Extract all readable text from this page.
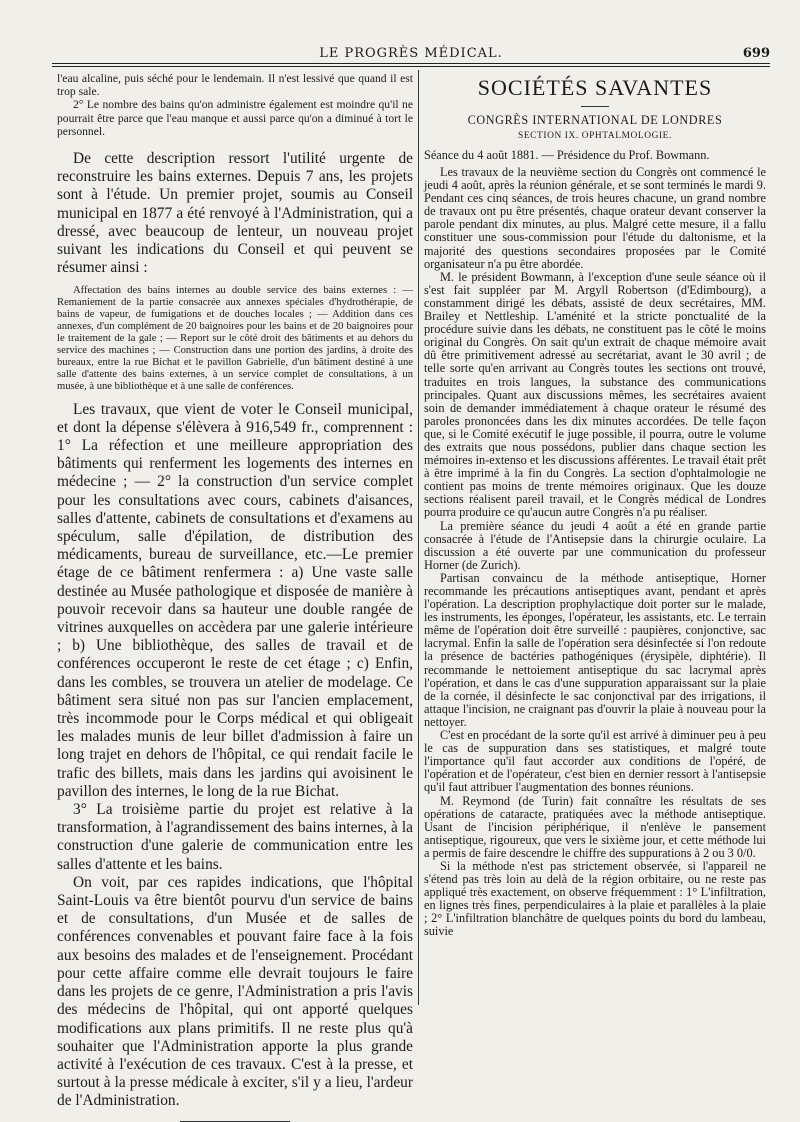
LE PROGRÈS MÉDICAL.	699

l'eau alcaline, puis séché pour le lendemain. Il n'est lessivé que quand il est trop sale.

2° Le nombre des bains qu'on administre également est moindre qu'il ne pourrait être parce que l'eau manque et aussi parce qu'on a diminué à tort le personnel.

De cette description ressort l'utilité urgente de reconstruire les bains externes. Depuis 7 ans, les projets sont à l'étude. Un premier projet, soumis au Conseil municipal en 1877 a été renvoyé à l'Administration, qui a dressé, avec beaucoup de lenteur, un nouveau projet suivant les indications du Conseil et qui peuvent se résumer ainsi :

Affectation des bains internes au double service des bains externes : — Remaniement de la partie consacrée aux annexes spéciales d'hydrothérapie, de bains de vapeur, de fumigations et de douches locales ; — Addition dans ces annexes, d'un complément de 20 baignoires pour les bains et de 20 baignoires pour le traitement de la gale ; — Report sur le côté droit des bâtiments et au dehors du service des machines ; — Construction dans une portion des jardins, à droite des bureaux, entre la rue Bichat et le pavillon Gabrielle, d'un bâtiment destiné à une salle d'attente des bains externes, à un service complet de consultations, à un musée, à une bibliothèque et à une salle de conférences.

Les travaux, que vient de voter le Conseil municipal, et dont la dépense s'élèvera à 916,549 fr., comprennent : 1° La réfection et une meilleure appropriation des bâtiments qui renferment les logements des internes en médecine ; — 2° la construction d'un service complet pour les consultations avec cours, cabinets d'aisances, salles d'attente, cabinets de consultations et d'examens au spéculum, salle d'épilation, de distribution des médicaments, bureau de surveillance, etc.—Le premier étage de ce bâtiment renfermera : a) Une vaste salle destinée au Musée pathologique et disposée de manière à pouvoir recevoir dans sa hauteur une double rangée de vitrines auxquelles on accèdera par une galerie intérieure ; b) Une bibliothèque, des salles de travail et de conférences occuperont le reste de cet étage ; c) Enfin, dans les combles, se trouvera un atelier de modelage. Ce bâtiment sera situé non pas sur l'ancien emplacement, très incommode pour le Corps médical et qui obligeait les malades munis de leur billet d'admission à faire un long trajet en dehors de l'hôpital, ce qui rendait facile le trafic des billets, mais dans les jardins qui avoisinent le pavillon des internes, le long de la rue Bichat.

3° La troisième partie du projet est relative à la transformation, à l'agrandissement des bains internes, à la construction d'une galerie de communication entre les salles d'attente et les bains.

On voit, par ces rapides indications, que l'hôpital Saint-Louis va être bientôt pourvu d'un service de bains et de consultations, d'un Musée et de salles de conférences convenables et pouvant faire face à la fois aux besoins des malades et de l'enseignement. Procédant pour cette affaire comme elle devrait toujours le faire dans les projets de ce genre, l'Administration a pris l'avis des médecins de l'hôpital, qui ont apporté quelques modifications aux plans primitifs. Il ne reste plus qu'à souhaiter que l'Administration apporte la plus grande activité à l'exécution de ces travaux. C'est à la presse, et surtout à la presse médicale à exciter, s'il y a lieu, l'ardeur de l'Administration.

SOCIÉTÉS SAVANTES
CONGRÈS INTERNATIONAL DE LONDRES
SECTION IX. OPHTALMOLOGIE.

Séance du 4 août 1881. — Présidence du Prof. Bowmann.

Les travaux de la neuvième section du Congrès ont commencé le jeudi 4 août, après la réunion générale, et se sont terminés le mardi 9. Pendant ces cinq séances, de trois heures chacune, un grand nombre de travaux ont pu être présentés, chaque orateur devant conserver la parole pendant dix minutes, au plus. Malgré cette mesure, il a fallu constituer une sous-commission pour l'étude du daltonisme, et la majorité des questions secondaires proposées par le Comité organisateur n'a pu être abordée.

M. le président Bowmann, à l'exception d'une seule séance où il s'est fait suppléer par M. Argyll Robertson (d'Edimbourg), a constamment dirigé les débats, assisté de deux secrétaires, MM. Brailey et Nettleship. L'aménité et la stricte ponctualité de la procédure suivie dans les débats, ne constituent pas le côté le moins original du Congrès. On sait qu'un extrait de chaque mémoire avait dû être primitivement adressé au secrétariat, avant le 30 avril ; de telle sorte qu'en arrivant au Congrès toutes les sections ont trouvé, traduites en trois langues, la substance des communications principales. Quant aux discussions mêmes, les secrétaires avaient soin de demander immédiatement à chaque orateur le résumé des paroles prononcées dans les dix minutes accordées. De telle façon que, si le Comité exécutif le juge possible, il pourra, outre le volume des extraits que nous possédons, publier dans chaque section les mémoires in-extenso et les discussions afférentes. Le travail était prêt à être imprimé à la fin du Congrès. La section d'ophtalmologie ne contient pas moins de trente mémoires originaux. Que les douze sections réalisent pareil travail, et le Congrès médical de Londres pourra produire ce qu'aucun autre Congrès n'a pu réaliser.

La première séance du jeudi 4 août a été en grande partie consacrée à l'étude de l'Antisepsie dans la chirurgie oculaire. La discussion a été ouverte par une communication du professeur Horner (de Zurich).

Partisan convaincu de la méthode antiseptique, Horner recommande les précautions antiseptiques avant, pendant et après l'opération. La description prophylactique doit porter sur le malade, les instruments, les éponges, l'opérateur, les assistants, etc. Le terrain même de l'opération doit être surveillé : paupières, conjonctive, sac lacrymal. Enfin la salle de l'opération sera désinfectée si l'on redoute la présence de bactéries pathogéniques (érysipèle, diphtérie). Il recommande le nettoiement antiseptique du sac lacrymal après l'opération, et dans le cas d'une suppuration apparaissant sur la plaie de la cornée, il désinfecte le sac conjonctival par des irrigations, il attaque l'incision, ne craignant pas d'ouvrir la plaie à nouveau pour la nettoyer.

C'est en procédant de la sorte qu'il est arrivé à diminuer peu à peu le cas de suppuration dans ses statistiques, et malgré toute l'importance qu'il faut accorder aux conditions de l'opéré, de l'opération et de l'opérateur, c'est bien en dernier ressort à l'antisepsie qu'il faut attribuer l'augmentation des bonnes réunions.

M. Reymond (de Turin) fait connaître les résultats de ses opérations de cataracte, pratiquées avec la méthode antiseptique. Usant de l'incision périphérique, il n'enlève le pansement antiseptique, rigoureux, que vers le sixième jour, et cette méthode lui a permis de faire descendre le chiffre des suppurations à 2 ou 3 0/0.

Si la méthode n'est pas strictement observée, si l'appareil ne s'étend pas très loin au delà de la région orbitaire, ou ne reste pas appliqué très exactement, on observe fréquemment : 1° L'infiltration, en lignes très fines, perpendiculaires à la plaie et parallèles à la plaie ; 2° L'infiltration blanchâtre de quelques points du bord du lambeau, suivie
